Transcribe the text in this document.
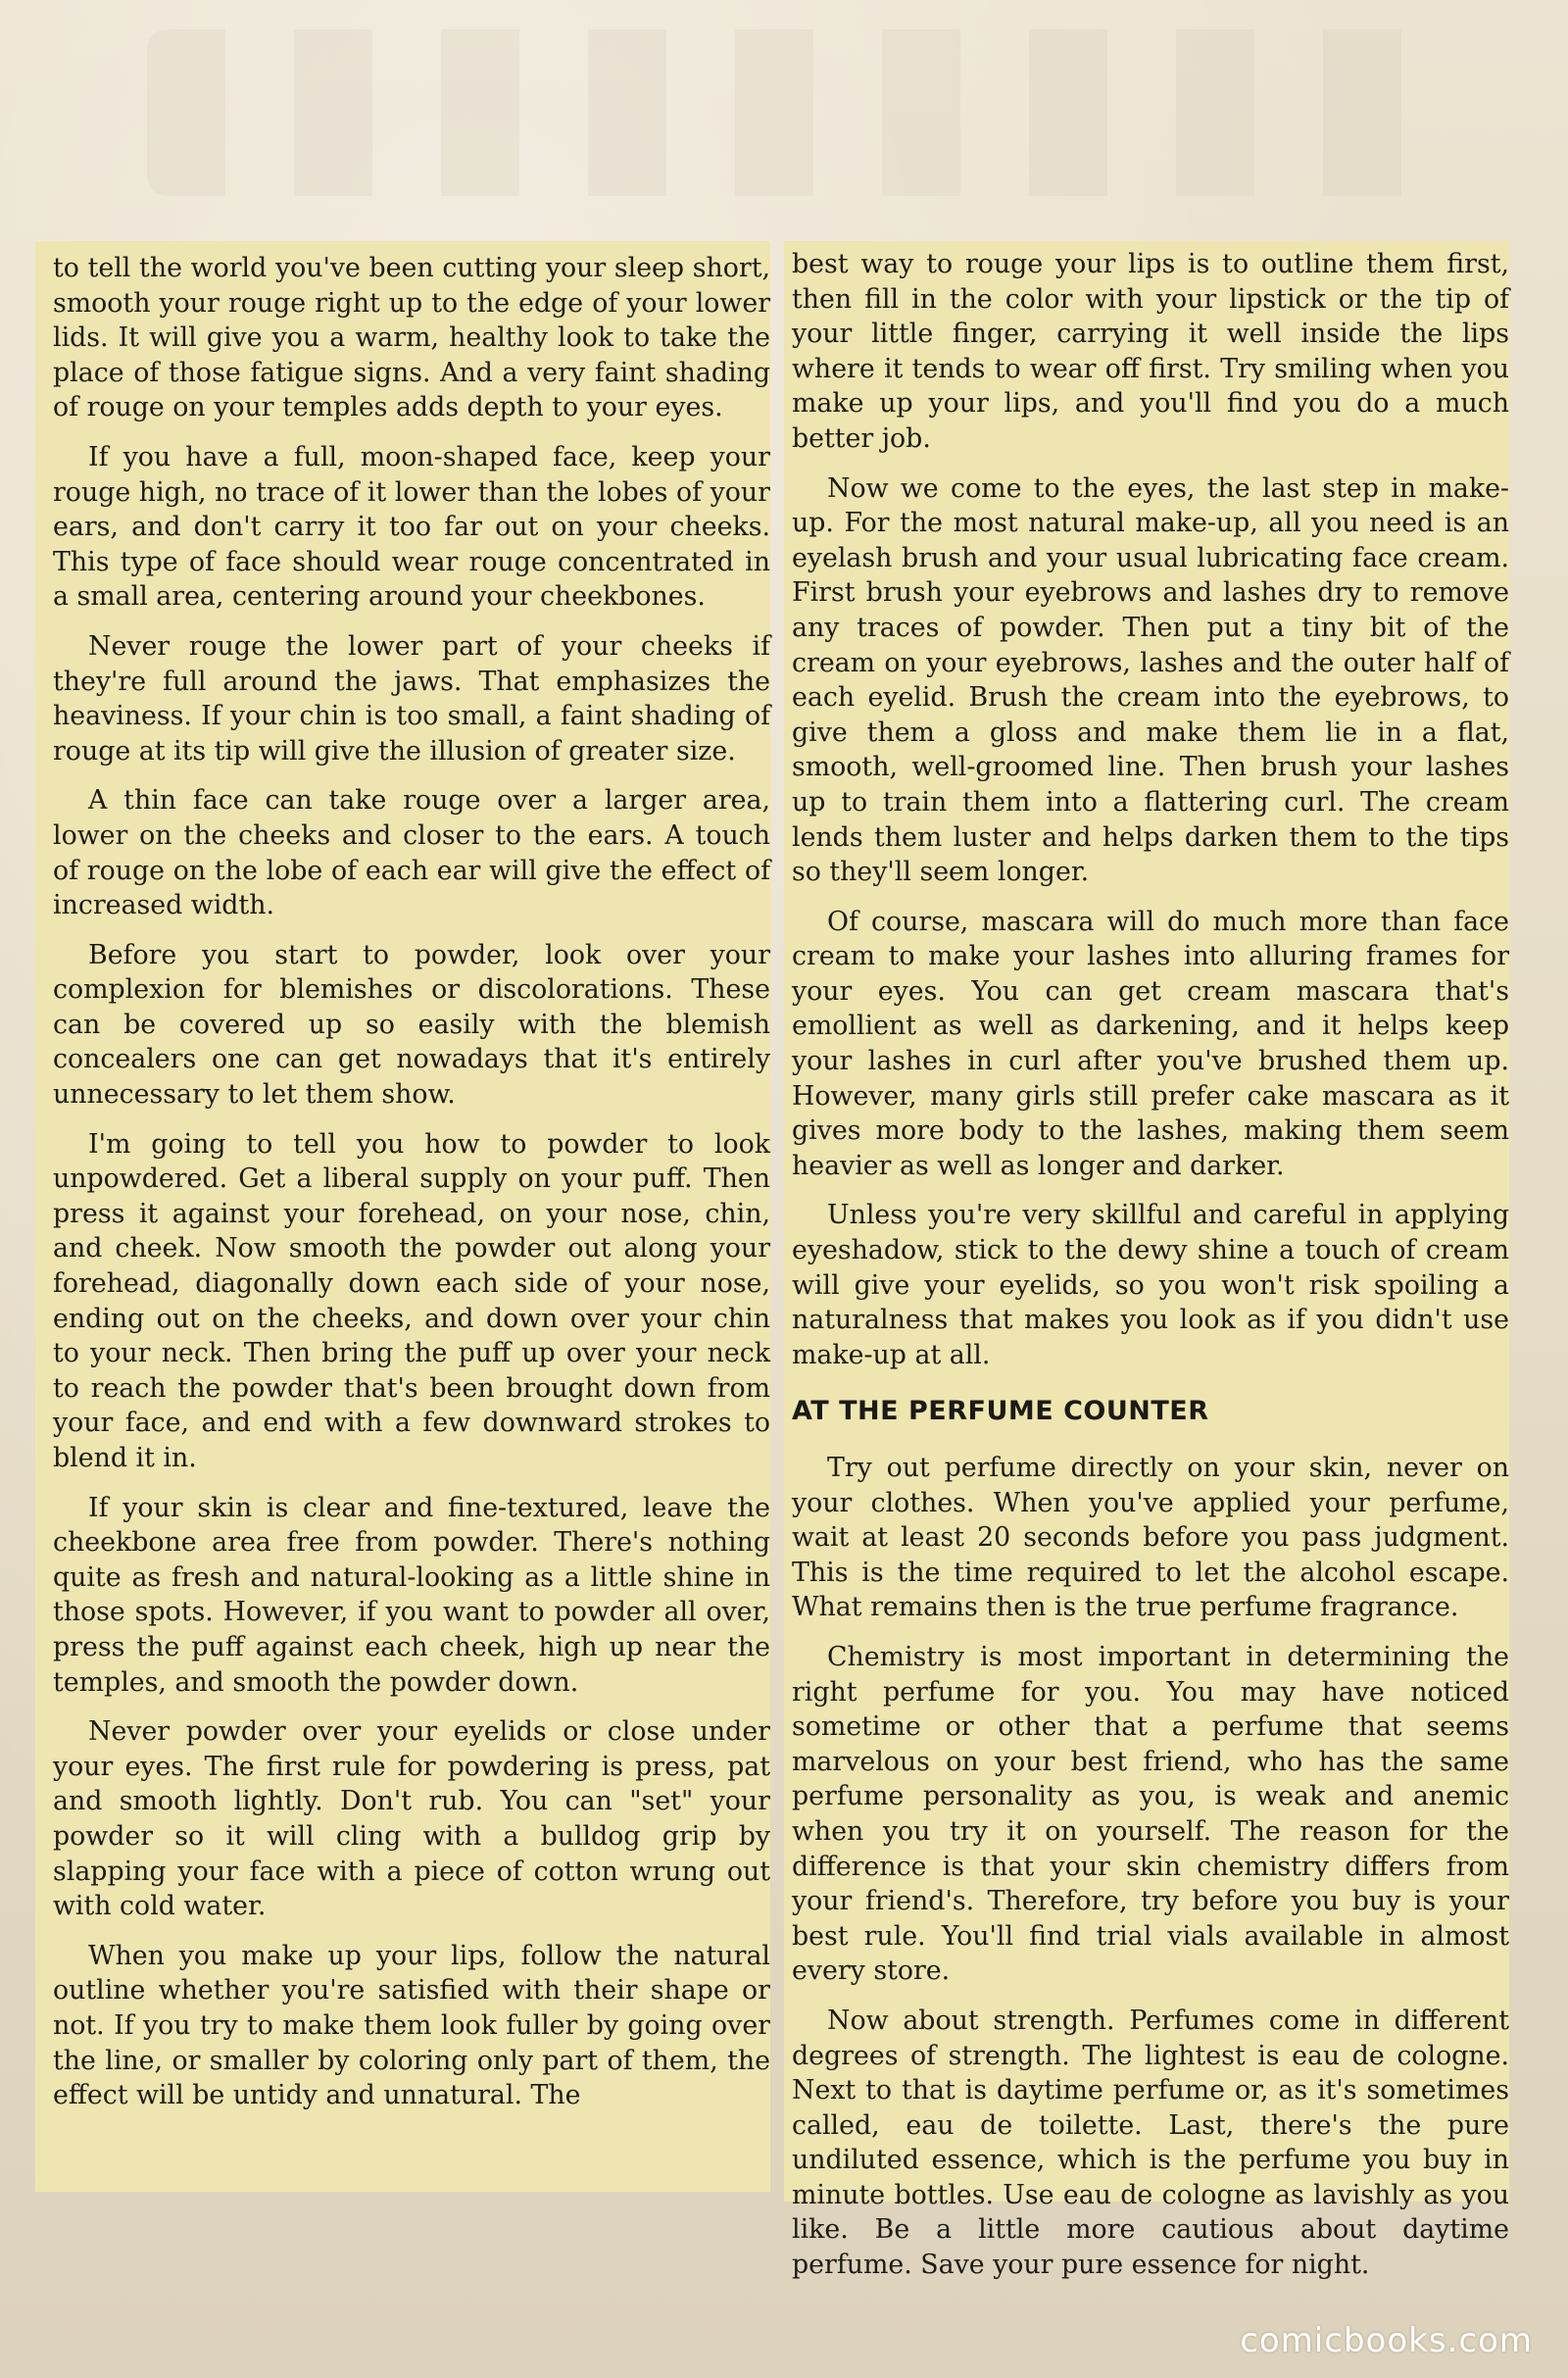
to tell the world you've been cutting your sleep short, smooth your rouge right up to the edge of your lower lids. It will give you a warm, healthy look to take the place of those fatigue signs. And a very faint shading of rouge on your temples adds depth to your eyes.

If you have a full, moon-shaped face, keep your rouge high, no trace of it lower than the lobes of your ears, and don't carry it too far out on your cheeks. This type of face should wear rouge concentrated in a small area, centering around your cheekbones.

Never rouge the lower part of your cheeks if they're full around the jaws. That emphasizes the heaviness. If your chin is too small, a faint shading of rouge at its tip will give the illusion of greater size.

A thin face can take rouge over a larger area, lower on the cheeks and closer to the ears. A touch of rouge on the lobe of each ear will give the effect of increased width.

Before you start to powder, look over your complexion for blemishes or discolorations. These can be covered up so easily with the blemish concealers one can get nowadays that it's entirely unnecessary to let them show.

I'm going to tell you how to powder to look unpowdered. Get a liberal supply on your puff. Then press it against your forehead, on your nose, chin, and cheek. Now smooth the powder out along your forehead, diagonally down each side of your nose, ending out on the cheeks, and down over your chin to your neck. Then bring the puff up over your neck to reach the powder that's been brought down from your face, and end with a few downward strokes to blend it in.

If your skin is clear and fine-textured, leave the cheekbone area free from powder. There's nothing quite as fresh and natural-looking as a little shine in those spots. However, if you want to powder all over, press the puff against each cheek, high up near the temples, and smooth the powder down.

Never powder over your eyelids or close under your eyes. The first rule for powdering is press, pat and smooth lightly. Don't rub. You can "set" your powder so it will cling with a bulldog grip by slapping your face with a piece of cotton wrung out with cold water.

When you make up your lips, follow the natural outline whether you're satisfied with their shape or not. If you try to make them look fuller by going over the line, or smaller by coloring only part of them, the effect will be untidy and unnatural. The

best way to rouge your lips is to outline them first, then fill in the color with your lipstick or the tip of your little finger, carrying it well inside the lips where it tends to wear off first. Try smiling when you make up your lips, and you'll find you do a much better job.

Now we come to the eyes, the last step in make-up. For the most natural make-up, all you need is an eyelash brush and your usual lubricating face cream. First brush your eyebrows and lashes dry to remove any traces of powder. Then put a tiny bit of the cream on your eyebrows, lashes and the outer half of each eyelid. Brush the cream into the eyebrows, to give them a gloss and make them lie in a flat, smooth, well-groomed line. Then brush your lashes up to train them into a flattering curl. The cream lends them luster and helps darken them to the tips so they'll seem longer.

Of course, mascara will do much more than face cream to make your lashes into alluring frames for your eyes. You can get cream mascara that's emollient as well as darkening, and it helps keep your lashes in curl after you've brushed them up. However, many girls still prefer cake mascara as it gives more body to the lashes, making them seem heavier as well as longer and darker.

Unless you're very skillful and careful in applying eyeshadow, stick to the dewy shine a touch of cream will give your eyelids, so you won't risk spoiling a naturalness that makes you look as if you didn't use make-up at all.

AT THE PERFUME COUNTER

Try out perfume directly on your skin, never on your clothes. When you've applied your perfume, wait at least 20 seconds before you pass judgment. This is the time required to let the alcohol escape. What remains then is the true perfume fragrance.

Chemistry is most important in determining the right perfume for you. You may have noticed sometime or other that a perfume that seems marvelous on your best friend, who has the same perfume personality as you, is weak and anemic when you try it on yourself. The reason for the difference is that your skin chemistry differs from your friend's. Therefore, try before you buy is your best rule. You'll find trial vials available in almost every store.

Now about strength. Perfumes come in different degrees of strength. The lightest is eau de cologne. Next to that is daytime perfume or, as it's sometimes called, eau de toilette. Last, there's the pure undiluted essence, which is the perfume you buy in minute bottles. Use eau de cologne as lavishly as you like. Be a little more cautious about daytime perfume. Save your pure essence for night.

comicbooks.com
